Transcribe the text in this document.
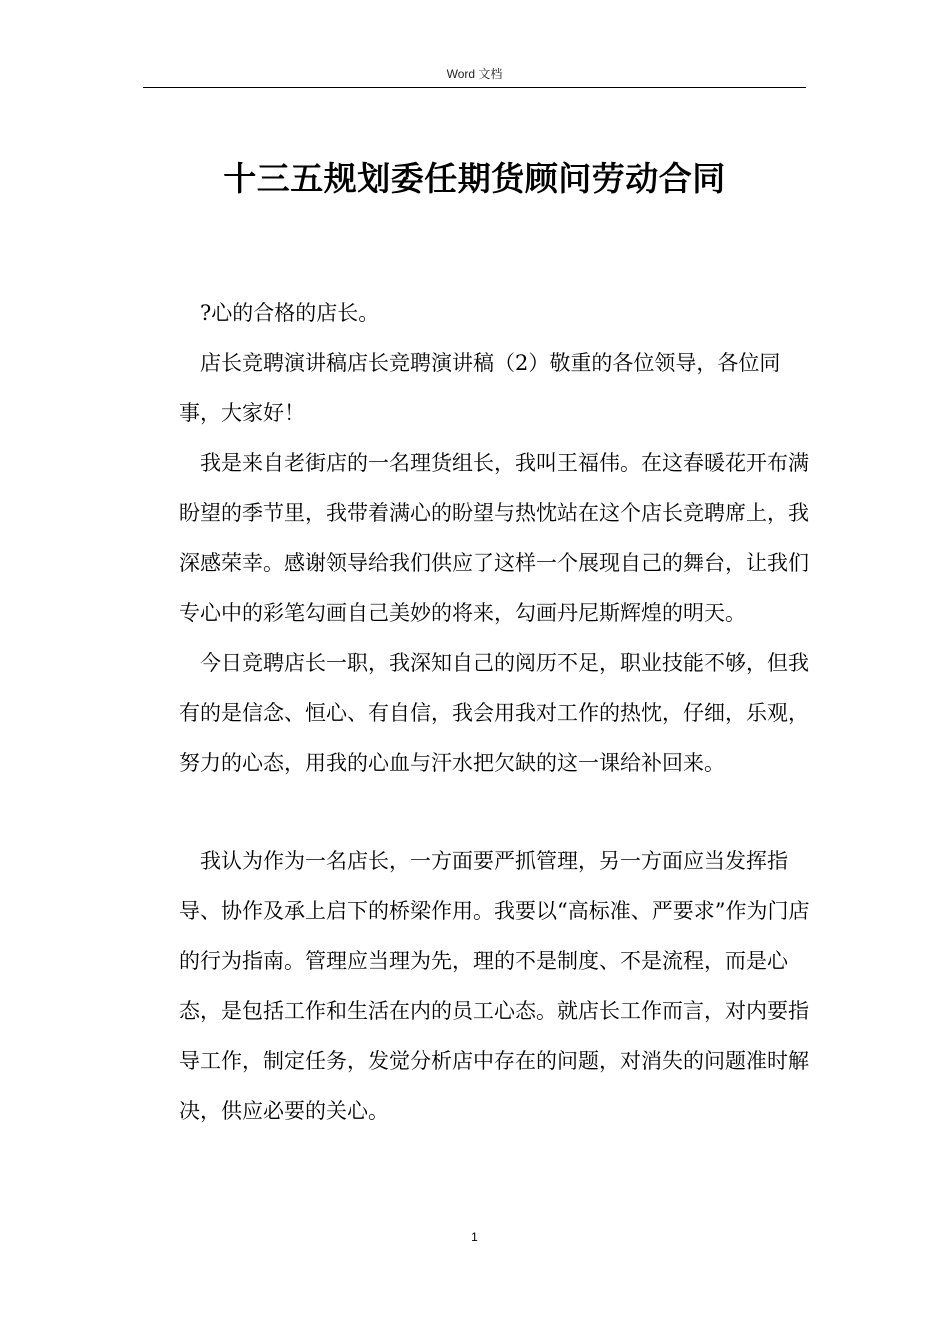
Word 文档
十三五规划委任期货顾问劳动合同

?心的合格的店长。

店长竞聘演讲稿店长竞聘演讲稿（2）敬重的各位领导，各位同事，大家好！

我是来自老街店的一名理货组长，我叫王福伟。在这春暖花开布满盼望的季节里，我带着满心的盼望与热忱站在这个店长竞聘席上，我深感荣幸。感谢领导给我们供应了这样一个展现自己的舞台，让我们专心中的彩笔勾画自己美妙的将来，勾画丹尼斯辉煌的明天。

今日竞聘店长一职，我深知自己的阅历不足，职业技能不够，但我有的是信念、恒心、有自信，我会用我对工作的热忱，仔细，乐观，努力的心态，用我的心血与汗水把欠缺的这一课给补回来。

我认为作为一名店长，一方面要严抓管理，另一方面应当发挥指导、协作及承上启下的桥梁作用。我要以“高标准、严要求”作为门店的行为指南。管理应当理为先，理的不是制度、不是流程，而是心态，是包括工作和生活在内的员工心态。就店长工作而言，对内要指导工作，制定任务，发觉分析店中存在的问题，对消失的问题准时解决，供应必要的关心。

1
